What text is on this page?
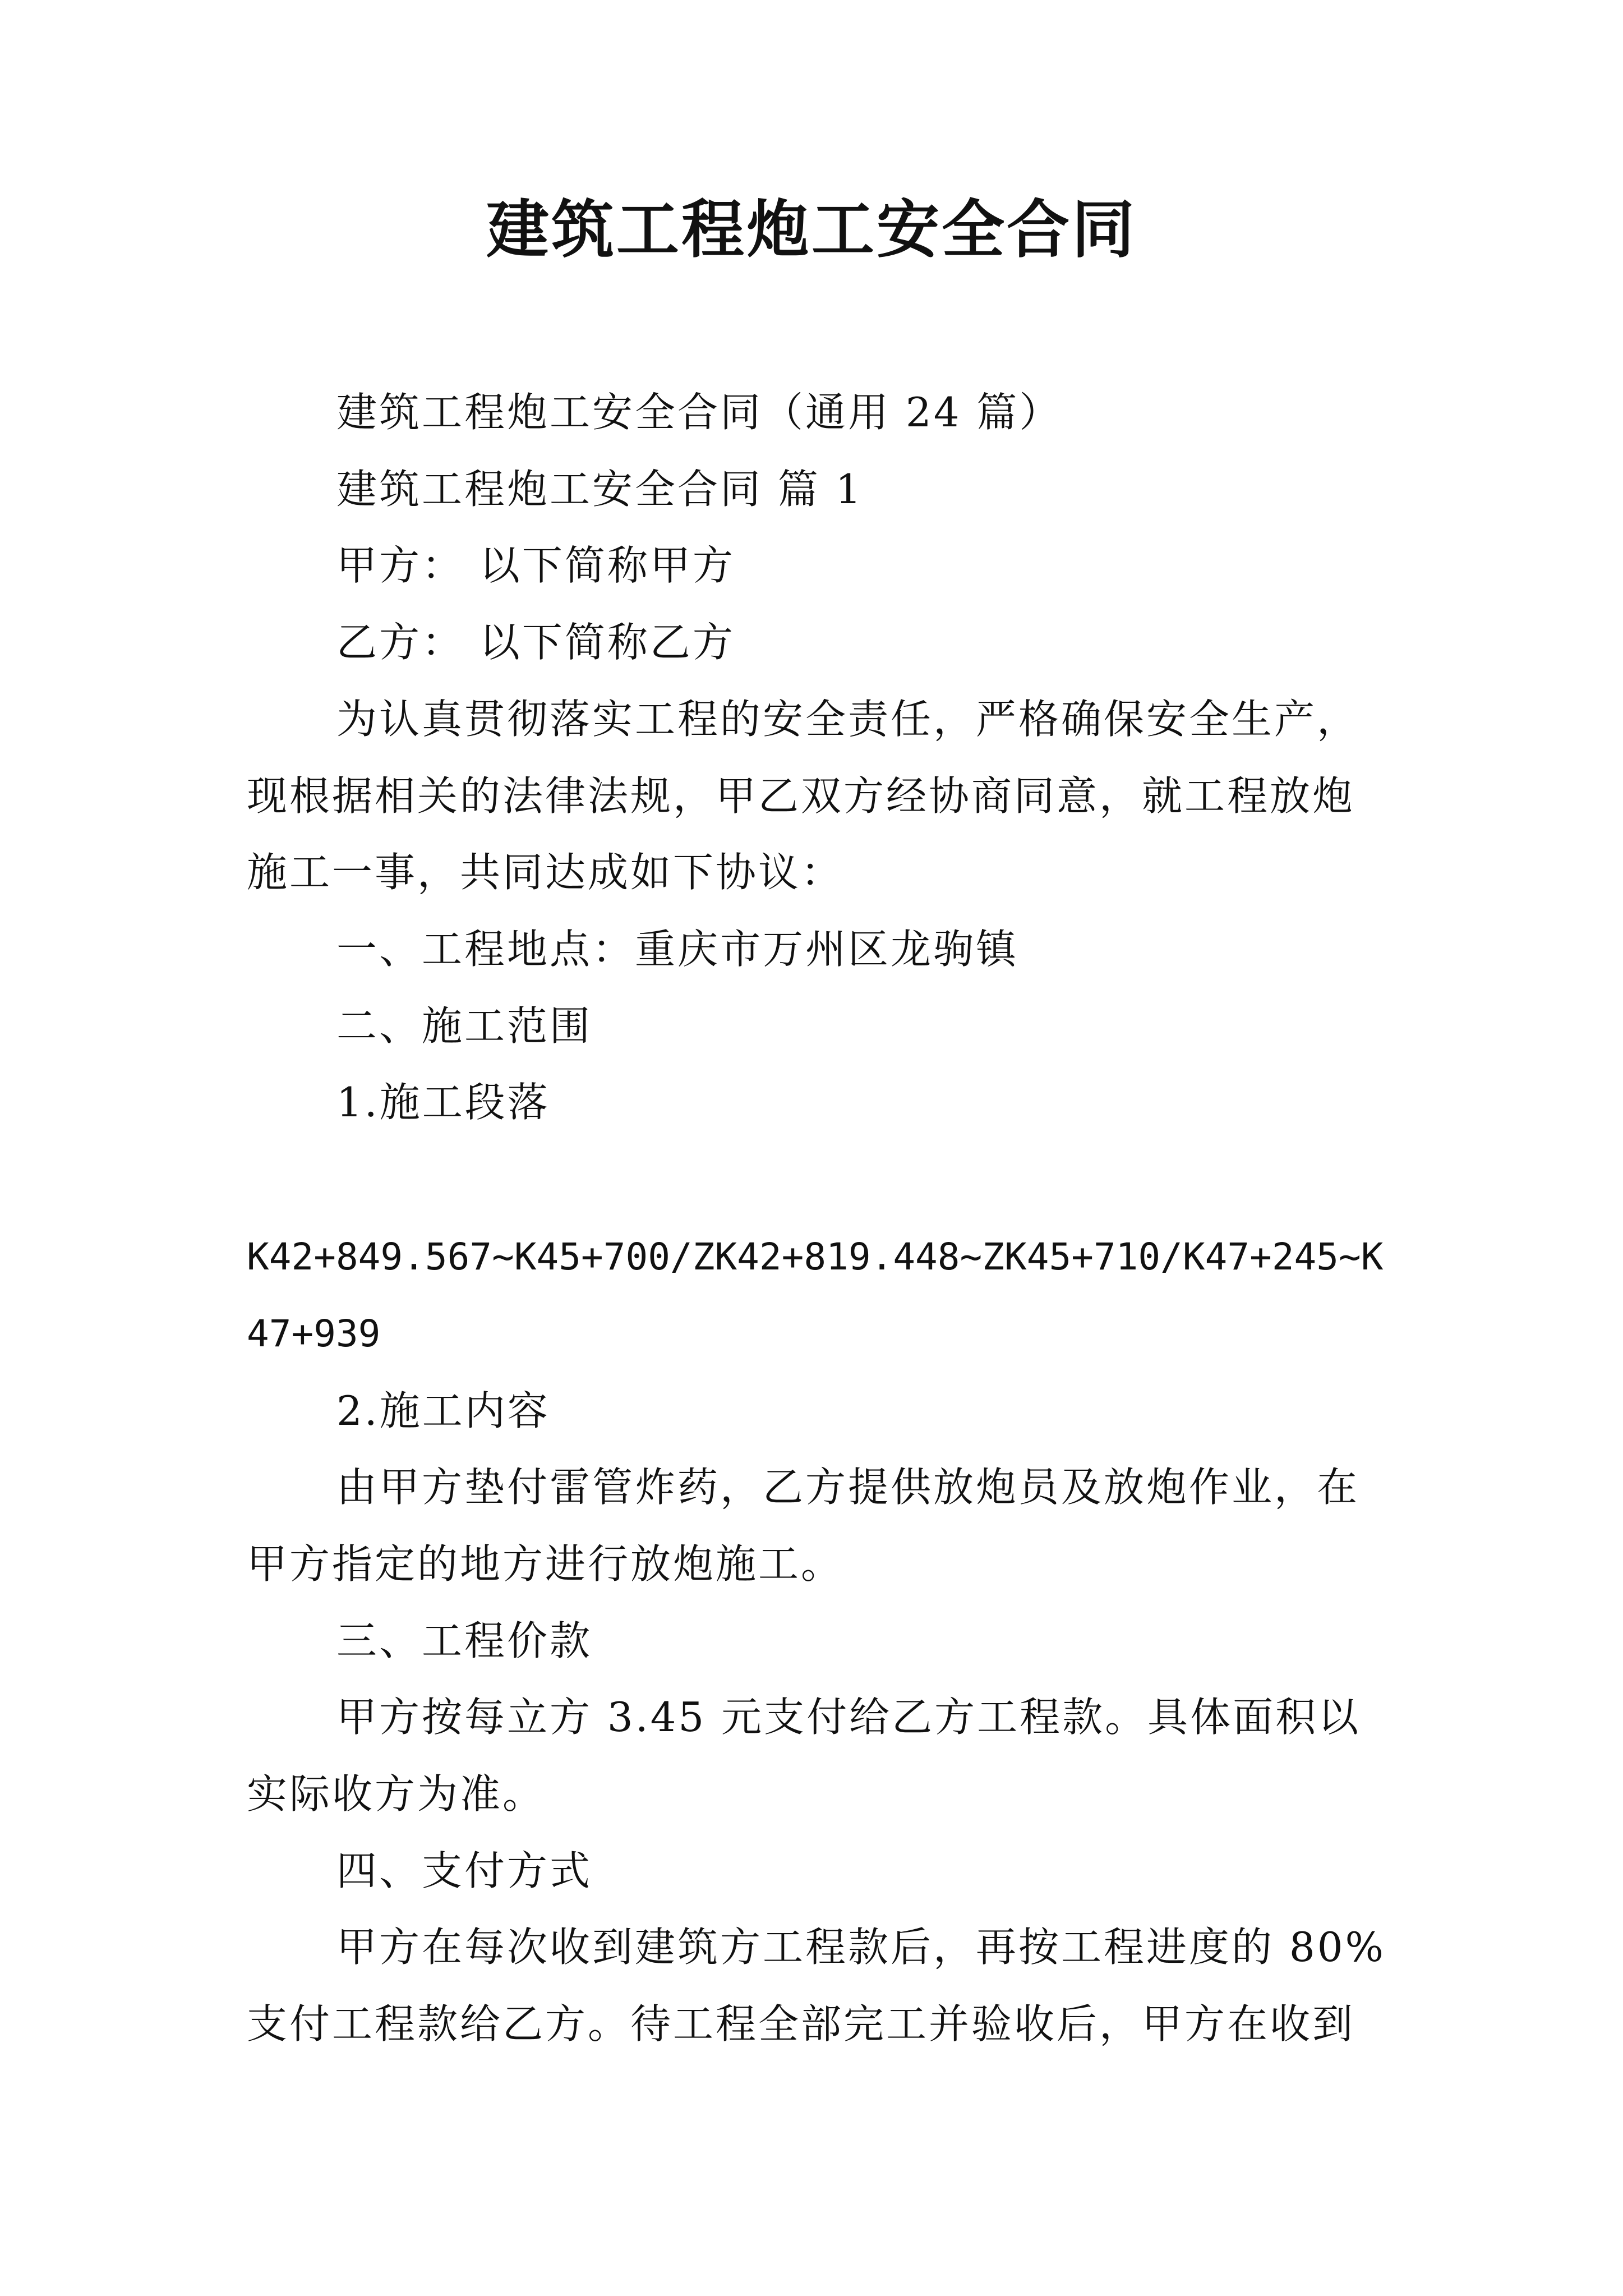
建筑工程炮工安全合同
建筑工程炮工安全合同（通用 24 篇）
建筑工程炮工安全合同 篇 1
甲方： 以下简称甲方
乙方： 以下简称乙方
为认真贯彻落实工程的安全责任，严格确保安全生产，
现根据相关的法律法规，甲乙双方经协商同意，就工程放炮
施工一事，共同达成如下协议：
一、工程地点：重庆市万州区龙驹镇
二、施工范围
1.施工段落
K42+849.567~K45+700/ZK42+819.448~ZK45+710/K47+245~K
47+939
2.施工内容
由甲方垫付雷管炸药，乙方提供放炮员及放炮作业，在
甲方指定的地方进行放炮施工。
三、工程价款
甲方按每立方 3.45 元支付给乙方工程款。具体面积以
实际收方为准。
四、支付方式
甲方在每次收到建筑方工程款后，再按工程进度的 80%
支付工程款给乙方。待工程全部完工并验收后，甲方在收到
